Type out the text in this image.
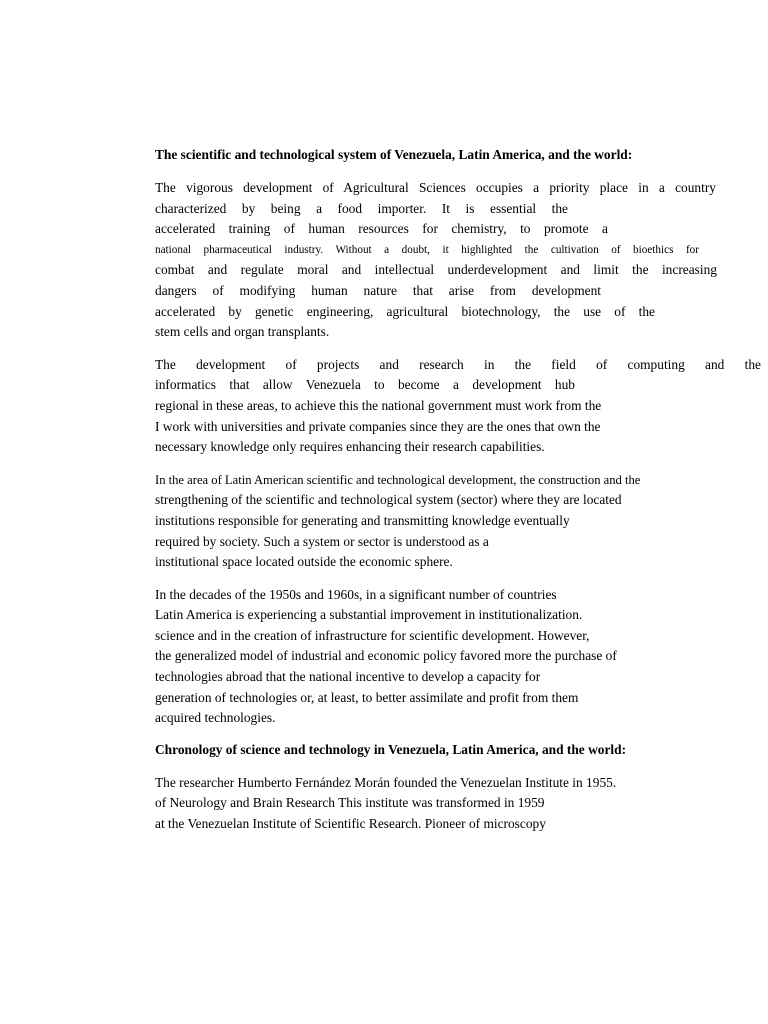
The scientific and technological system of Venezuela, Latin America, and the world:
The vigorous development of Agricultural Sciences occupies a priority place in a country
characterized by being a food importer. It is essential the
accelerated training of human resources for chemistry, to promote a
national pharmaceutical industry. Without a doubt, it highlighted the cultivation of bioethics for
combat and regulate moral and intellectual underdevelopment and limit the increasing
dangers of modifying human nature that arise from development
accelerated by genetic engineering, agricultural biotechnology, the use of the
stem cells and organ transplants.
The development of projects and research in the field of computing and the
informatics that allow Venezuela to become a development hub
regional in these areas, to achieve this the national government must work from the
I work with universities and private companies since they are the ones that own the
necessary knowledge only requires enhancing their research capabilities.
In the area of Latin American scientific and technological development, the construction and the
strengthening of the scientific and technological system (sector) where they are located
institutions responsible for generating and transmitting knowledge eventually
required by society. Such a system or sector is understood as a
institutional space located outside the economic sphere.
In the decades of the 1950s and 1960s, in a significant number of countries
Latin America is experiencing a substantial improvement in institutionalization.
science and in the creation of infrastructure for scientific development. However,
the generalized model of industrial and economic policy favored more the purchase of
technologies abroad that the national incentive to develop a capacity for
generation of technologies or, at least, to better assimilate and profit from them
acquired technologies.
Chronology of science and technology in Venezuela, Latin America, and the world:
The researcher Humberto Fernández Morán founded the Venezuelan Institute in 1955.
of Neurology and Brain Research This institute was transformed in 1959
at the Venezuelan Institute of Scientific Research. Pioneer of microscopy
